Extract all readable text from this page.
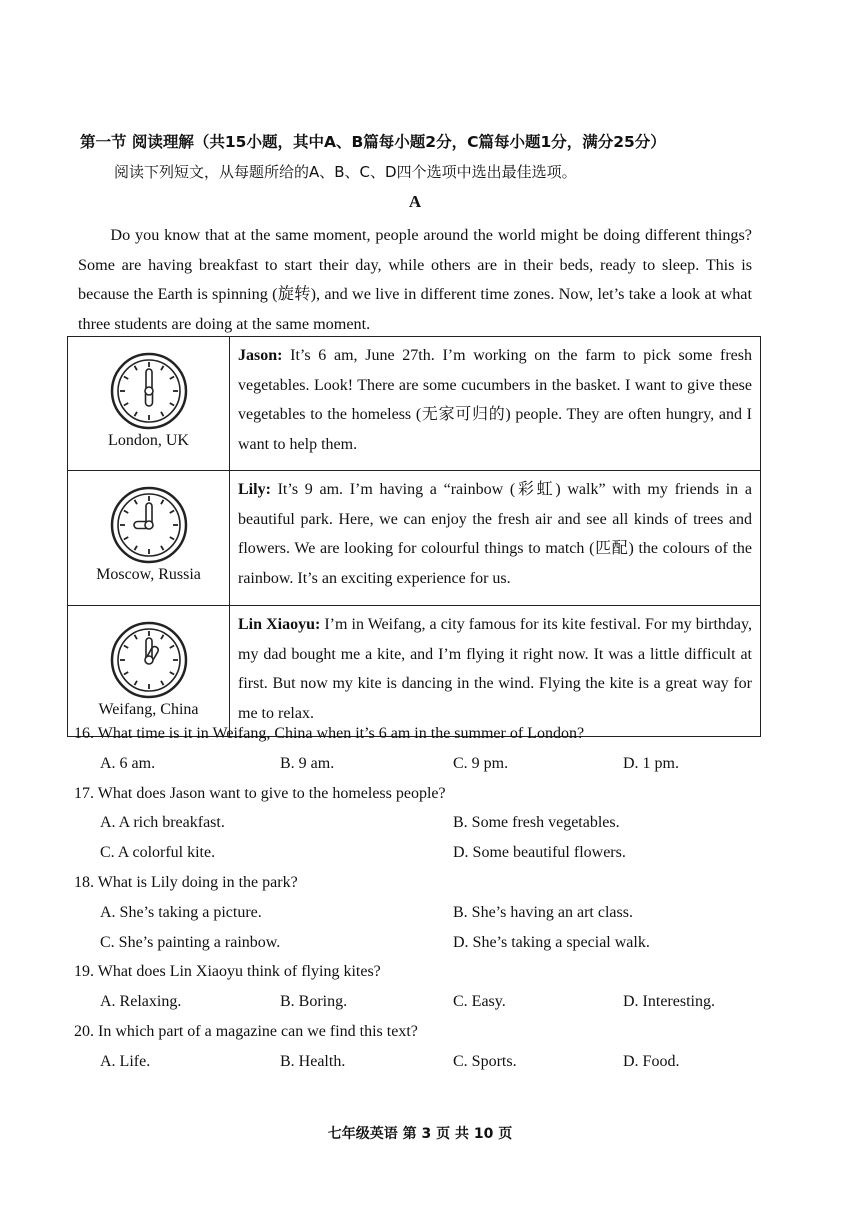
第一节 阅读理解（共15小题，其中A、B篇每小题2分，C篇每小题1分，满分25分）
阅读下列短文，从每题所给的A、B、C、D四个选项中选出最佳选项。
A
Do you know that at the same moment, people around the world might be doing different things? Some are having breakfast to start their day, while others are in their beds, ready to sleep. This is because the Earth is spinning (旋转), and we live in different time zones. Now, let’s take a look at what three students are doing at the same moment.
London, UK	Jason: It’s 6 am, June 27th. I’m working on the farm to pick some fresh vegetables. Look! There are some cucumbers in the basket. I want to give these vegetables to the homeless (无家可归的) people. They are often hungry, and I want to help them.

Moscow, Russia	Lily: It’s 9 am. I’m having a “rainbow (彩虹) walk” with my friends in a beautiful park. Here, we can enjoy the fresh air and see all kinds of trees and flowers. We are looking for colourful things to match (匹配) the colours of the rainbow. It’s an exciting experience for us.

Weifang, China	Lin Xiaoyu: I’m in Weifang, a city famous for its kite festival. For my birthday, my dad bought me a kite, and I’m flying it right now. It was a little difficult at first. But now my kite is dancing in the wind. Flying the kite is a great way for me to relax.

16. What time is it in Weifang, China when it’s 6 am in the summer of London?

A. 6 am.	B. 9 am.	C. 9 pm.	D. 1 pm.

17. What does Jason want to give to the homeless people?

A. A rich breakfast.	B. Some fresh vegetables.
C. A colorful kite.	D. Some beautiful flowers.

18. What is Lily doing in the park?

A. She’s taking a picture.	B. She’s having an art class.
C. She’s painting a rainbow.	D. She’s taking a special walk.

19. What does Lin Xiaoyu think of flying kites?

A. Relaxing.	B. Boring.	C. Easy.	D. Interesting.

20. In which part of a magazine can we find this text?

A. Life.	B. Health.	C. Sports.	D. Food.
七年级英语 第 3 页 共 10 页
